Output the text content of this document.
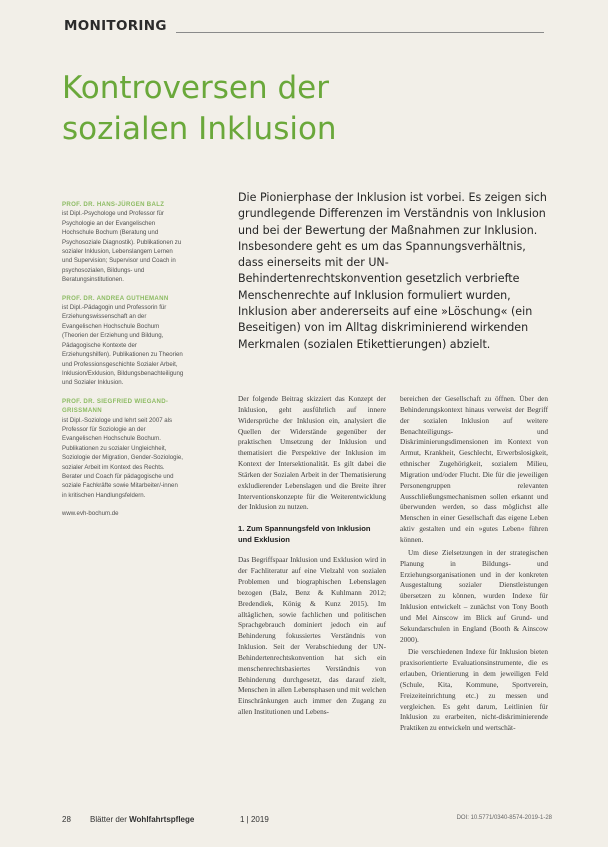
MONITORING
Kontroversen der
sozialen Inklusion

PROF. DR. HANS-JÜRGEN BALZ

ist Dipl.-Psychologe und Professor für Psychologie an der Evangelischen Hochschule Bochum (Beratung und Psychosoziale Diagnostik). Publikationen zu sozialer Inklusion, Lebenslangem Lernen und Supervision; Supervisor und Coach in psychosozialen, Bildungs- und Beratungsinstitutionen.

PROF. DR. ANDREA GUTHEMANN

ist Dipl.-Pädagogin und Professorin für Erziehungswissenschaft an der Evangelischen Hochschule Bochum (Theorien der Erziehung und Bildung, Pädagogische Kontexte der Erziehungshilfen). Publikationen zu Theorien und Professionsgeschichte Sozialer Arbeit, Inklusion/Exklusion, Bildungsbenachteiligung und Sozialer Inklusion.

PROF. DR. SIEGFRIED WIEGAND-GRISSMANN

ist Dipl.-Soziologe und lehrt seit 2007 als Professor für Soziologie an der Evangelischen Hochschule Bochum. Publikationen zu sozialer Ungleichheit, Soziologie der Migration, Gender-Soziologie, sozialer Arbeit im Kontext des Rechts. Berater und Coach für pädagogische und soziale Fachkräfte sowie Mitarbeiter/-innen in kritischen Handlungsfeldern.

www.evh-bochum.de

Die Pionierphase der Inklusion ist vorbei. Es zeigen sich grundlegende Differenzen im Verständnis von Inklusion und bei der Bewertung der Maßnahmen zur Inklusion. Insbesondere geht es um das Spannungsverhältnis, dass einerseits mit der UN-Behindertenrechtskonvention gesetzlich verbriefte Menschenrechte auf Inklusion formuliert wurden, Inklusion aber andererseits auf eine »Löschung« (ein Beseitigen) von im Alltag diskriminierend wirkenden Merkmalen (sozialen Etikettierungen) abzielt.

Der folgende Beitrag skizziert das Konzept der Inklusion, geht ausführlich auf innere Widersprüche der Inklusion ein, analysiert die Quellen der Widerstände gegenüber der praktischen Umsetzung der Inklusion und thematisiert die Perspektive der Inklusion im Kontext der Intersektionalität. Es gilt dabei die Stärken der Sozialen Arbeit in der Thematisierung exkludierender Lebenslagen und die Breite ihrer Interventionskonzepte für die Weiterentwicklung der Inklusion zu nutzen.

1. Zum Spannungsfeld von Inklusion und Exklusion

Das Begriffspaar Inklusion und Exklusion wird in der Fachliteratur auf eine Vielzahl von sozialen Problemen und biographischen Lebenslagen bezogen (Balz, Benz & Kuhlmann 2012; Bredendiek, König & Kunz 2015). Im alltäglichen, sowie fachlichen und politischen Sprachgebrauch dominiert jedoch ein auf Behinderung fokussiertes Verständnis von Inklusion. Seit der Verabschiedung der UN-Behindertenrechtskonvention hat sich ein menschenrechtsbasiertes Verständnis von Behinderung durchgesetzt, das darauf zielt, Menschen in allen Lebensphasen und mit welchen Einschränkungen auch immer den Zugang zu allen Institutionen und Lebens-

bereichen der Gesellschaft zu öffnen. Über den Behinderungskontext hinaus verweist der Begriff der sozialen Inklusion auf weitere Benachteiligungs- und Diskriminierungsdimensionen im Kontext von Armut, Krankheit, Geschlecht, Erwerbslosigkeit, ethnischer Zugehörigkeit, sozialem Milieu, Migration und/oder Flucht. Die für die jeweiligen Personengruppen relevanten Ausschließungsmechanismen sollen erkannt und überwunden werden, so dass möglichst alle Menschen in einer Gesellschaft das eigene Leben aktiv gestalten und ein »gutes Leben« führen können.

Um diese Zielsetzungen in der strategischen Planung in Bildungs- und Erziehungsorganisationen und in der konkreten Ausgestaltung sozialer Dienstleistungen übersetzen zu können, wurden Indexe für Inklusion entwickelt – zunächst von Tony Booth und Mel Ainscow im Blick auf Grund- und Sekundarschulen in England (Booth & Ainscow 2000).

Die verschiedenen Indexe für Inklusion bieten praxisorientierte Evaluationsinstrumente, die es erlauben, Orientierung in dem jeweiligen Feld (Schule, Kita, Kommune, Sportverein, Freizeiteinrichtung etc.) zu messen und vergleichen. Es geht darum, Leitlinien für Inklusion zu erarbeiten, nicht-diskriminierende Praktiken zu entwickeln und wertschät-

28 Blätter der Wohlfahrtspflege	1 | 2019	DOI: 10.5771/0340-8574-2019-1-28
